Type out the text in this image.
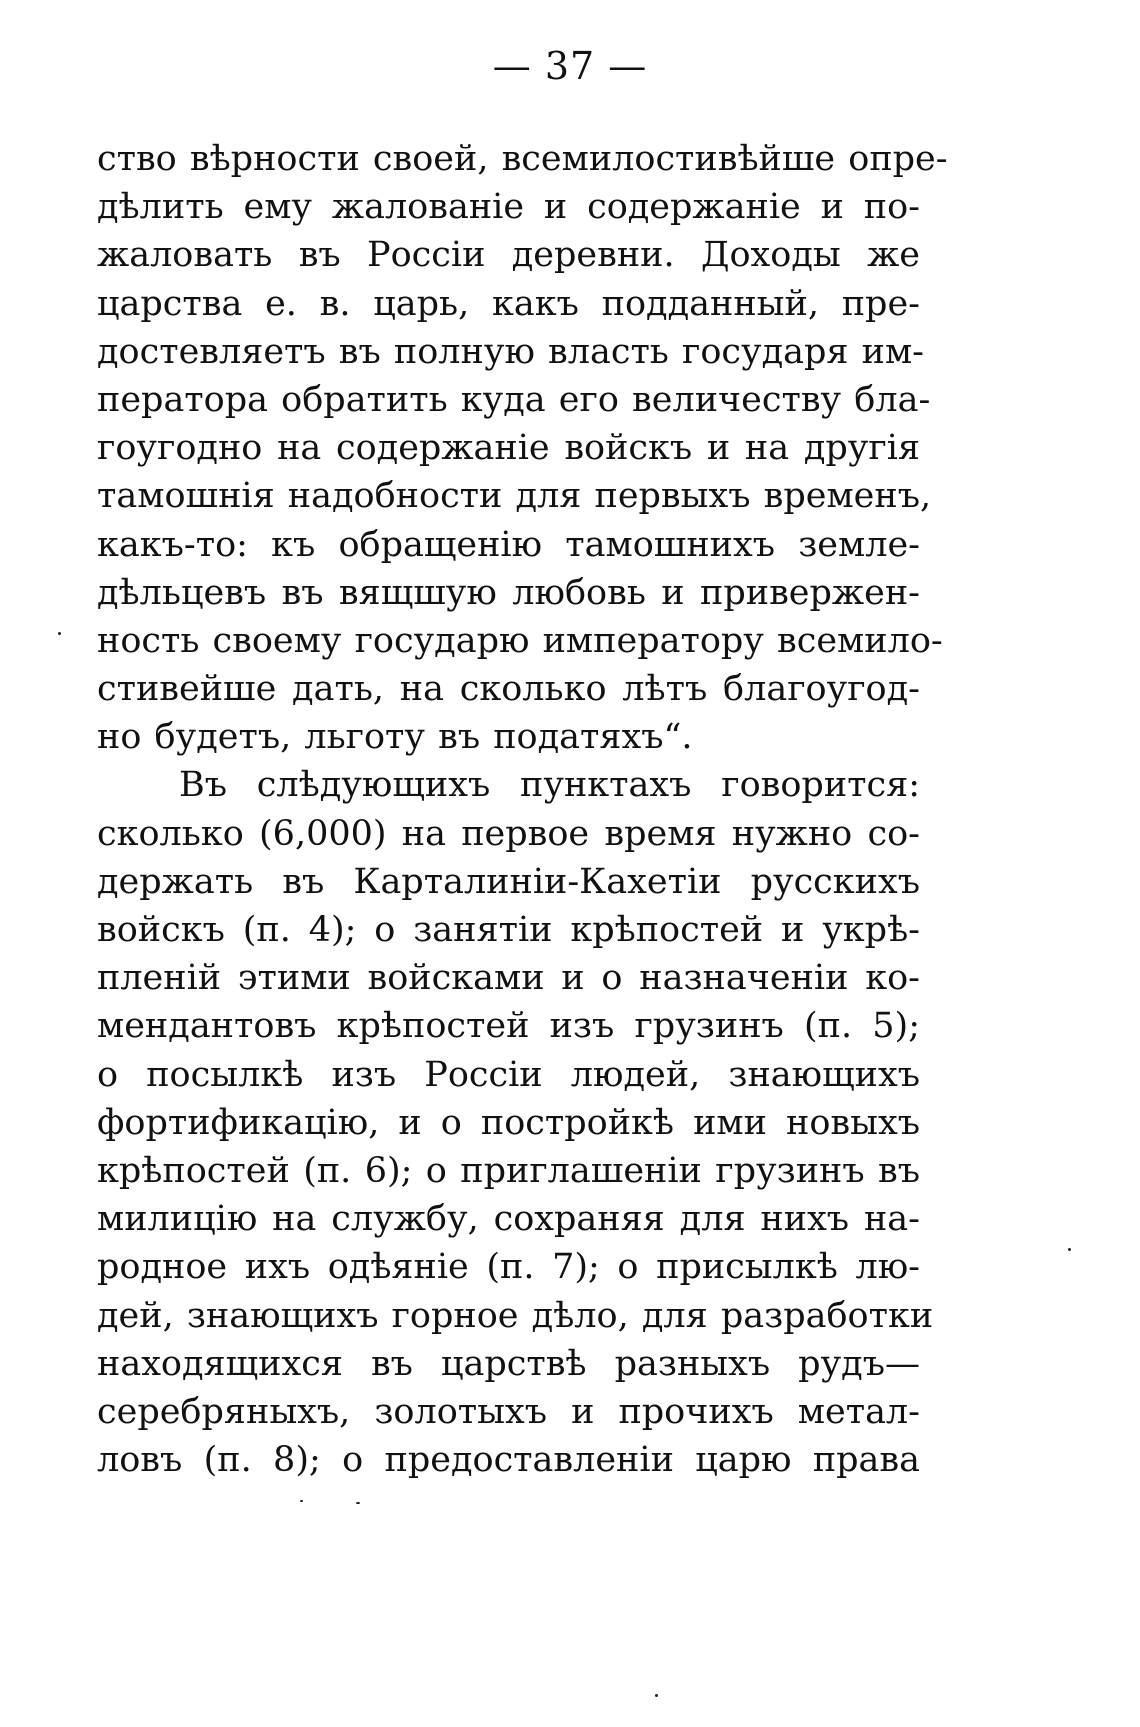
— 37 —
ство вѣрности своей, всемилостивѣйше опре-
дѣлить ему жалованіе и содержаніе и по-
жаловать въ Россіи деревни. Доходы же
царства е. в. царь, какъ подданный, пре-
достевляетъ въ полную власть государя им-
ператора обратить куда его величеству бла-
гоугодно на содержаніе войскъ и на другія
тамошнія надобности для первыхъ временъ,
какъ-то: къ обращенію тамошнихъ земле-
дѣльцевъ въ вящшую любовь и привержен-
ность своему государю императору всемило-
стивейше дать, на сколько лѣтъ благоугод-
но будетъ, льготу въ податяхъ“.
Въ слѣдующихъ пунктахъ говорится:
сколько (6,000) на первое время нужно со-
держать въ Карталиніи-Кахетіи русскихъ
войскъ (п. 4); о занятіи крѣпостей и укрѣ-
пленій этими войсками и о назначеніи ко-
мендантовъ крѣпостей изъ грузинъ (п. 5);
о посылкѣ изъ Россіи людей, знающихъ
фортификацію, и о постройкѣ ими новыхъ
крѣпостей (п. 6); о приглашеніи грузинъ въ
милицію на службу, сохраняя для нихъ на-
родное ихъ одѣяніе (п. 7); о присылкѣ лю-
дей, знающихъ горное дѣло, для разработки
находящихся въ царствѣ разныхъ рудъ—
серебряныхъ, золотыхъ и прочихъ метал-
ловъ (п. 8); о предоставленіи царю права
